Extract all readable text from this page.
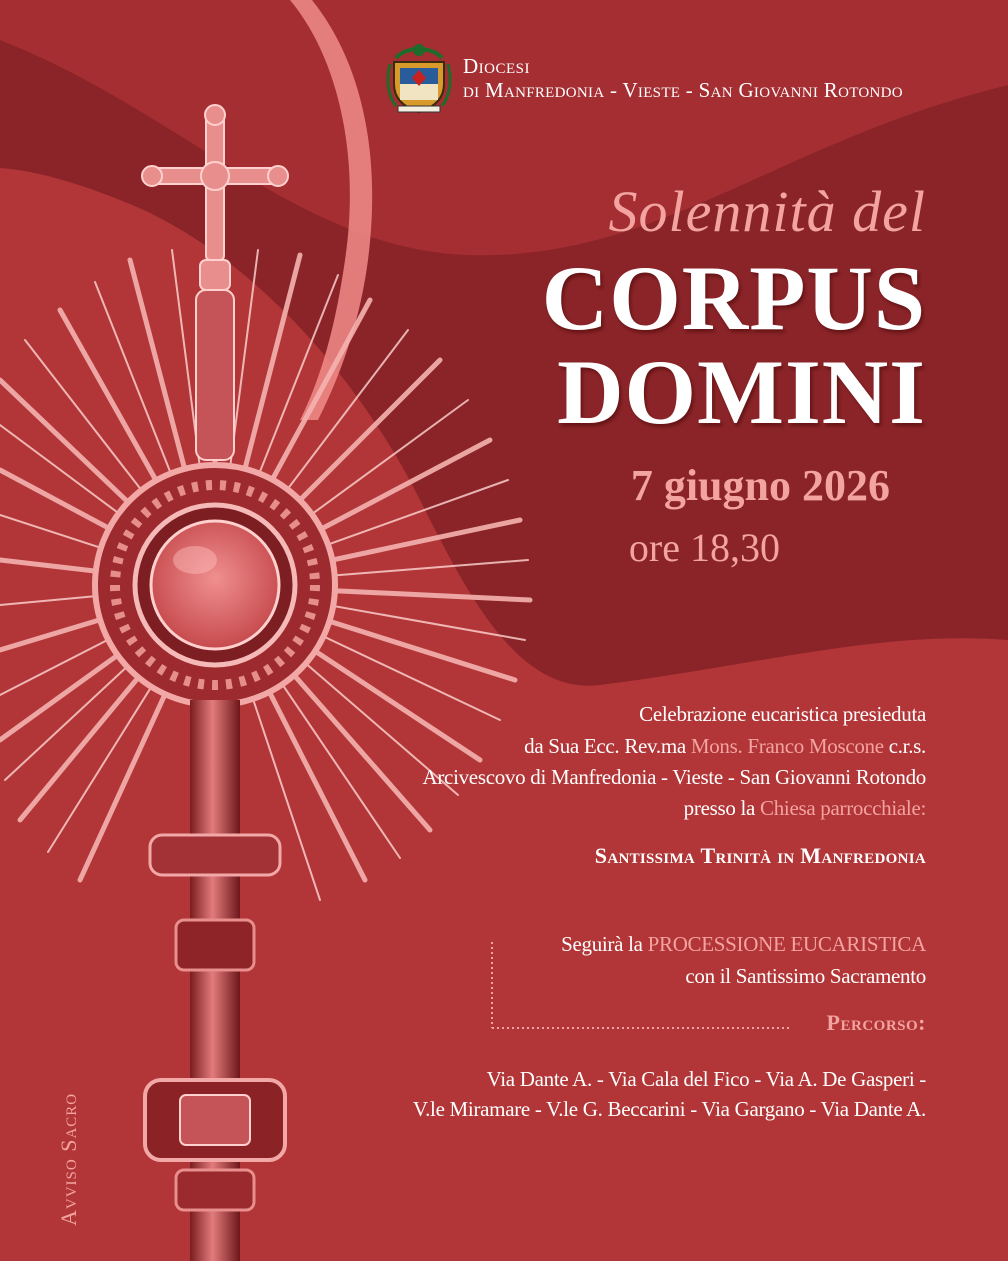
Diocesi
di Manfredonia - Vieste - San Giovanni Rotondo
Solennità del
CORPUS
DOMINI
7 giugno 2026
ore 18,30
Celebrazione eucaristica presieduta
da Sua Ecc. Rev.ma Mons. Franco Moscone c.r.s.
Arcivescovo di Manfredonia - Vieste - San Giovanni Rotondo
presso la Chiesa parrocchiale:
Santissima Trinità in Manfredonia
Seguirà la PROCESSIONE EUCARISTICA
con il Santissimo Sacramento
Percorso:
Via Dante A. - Via Cala del Fico - Via A. De Gasperi -
V.le Miramare - V.le G. Beccarini - Via Gargano - Via Dante A.
Avviso Sacro
